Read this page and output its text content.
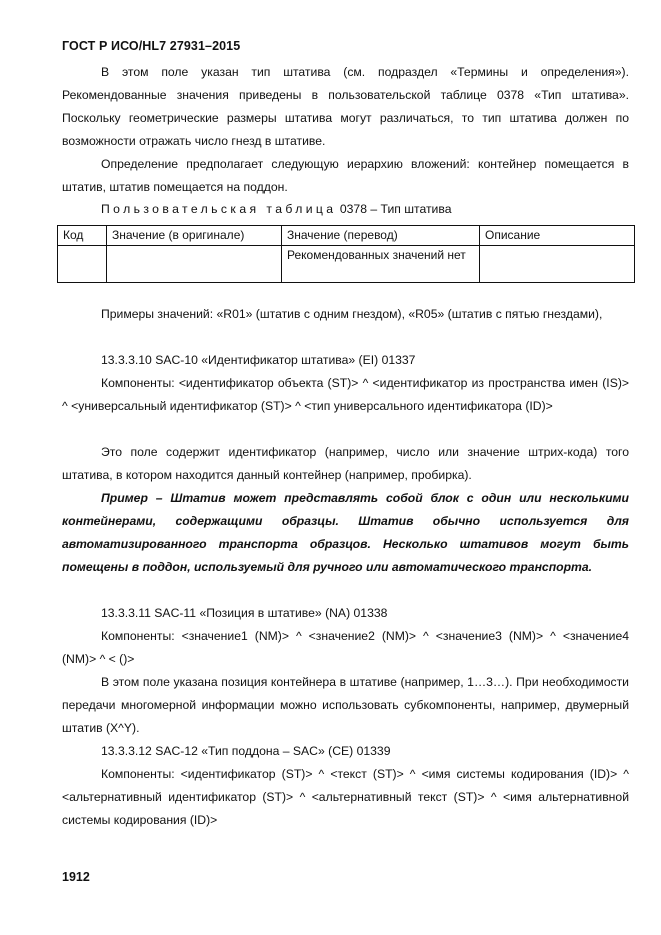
ГОСТ Р ИСО/HL7 27931–2015
В этом поле указан тип штатива (см. подраздел «Термины и определения»). Рекомендованные значения приведены в пользовательской таблице 0378 «Тип штатива». Поскольку геометрические размеры штатива могут различаться, то тип штатива должен по возможности отражать число гнезд в штативе.
Определение предполагает следующую иерархию вложений: контейнер помещается в штатив, штатив помещается на поддон.
Пользовательская таблица 0378 – Тип штатива
Код	Значение (в оригинале)	Значение (перевод)	Описание
		Рекомендованных значений нет	
Примеры значений: «R01» (штатив с одним гнездом), «R05» (штатив с пятью гнездами),
13.3.3.10 SAC-10 «Идентификатор штатива» (EI) 01337
Компоненты: <идентификатор объекта (ST)> ^ <идентификатор из пространства имен (IS)> ^ <универсальный идентификатор (ST)> ^ <тип универсального идентификатора (ID)>
Это поле содержит идентификатор (например, число или значение штрих-кода) того штатива, в котором находится данный контейнер (например, пробирка).
Пример – Штатив может представлять собой блок с один или несколькими контейнерами, содержащими образцы. Штатив обычно используется для автоматизированного транспорта образцов. Несколько штативов могут быть помещены в поддон, используемый для ручного или автоматического транспорта.
13.3.3.11 SAC-11 «Позиция в штативе» (NA) 01338
Компоненты: <значение1 (NM)> ^ <значение2 (NM)> ^ <значение3 (NM)> ^ <значение4 (NM)> ^ < ()>
В этом поле указана позиция контейнера в штативе (например, 1…3…). При необходимости передачи многомерной информации можно использовать субкомпоненты, например, двумерный штатив (X^Y).
13.3.3.12 SAC-12 «Тип поддона – SAC» (CE) 01339
Компоненты: <идентификатор (ST)> ^ <текст (ST)> ^ <имя системы кодирования (ID)> ^ <альтернативный идентификатор (ST)> ^ <альтернативный текст (ST)> ^ <имя альтернативной системы кодирования (ID)>
1912
